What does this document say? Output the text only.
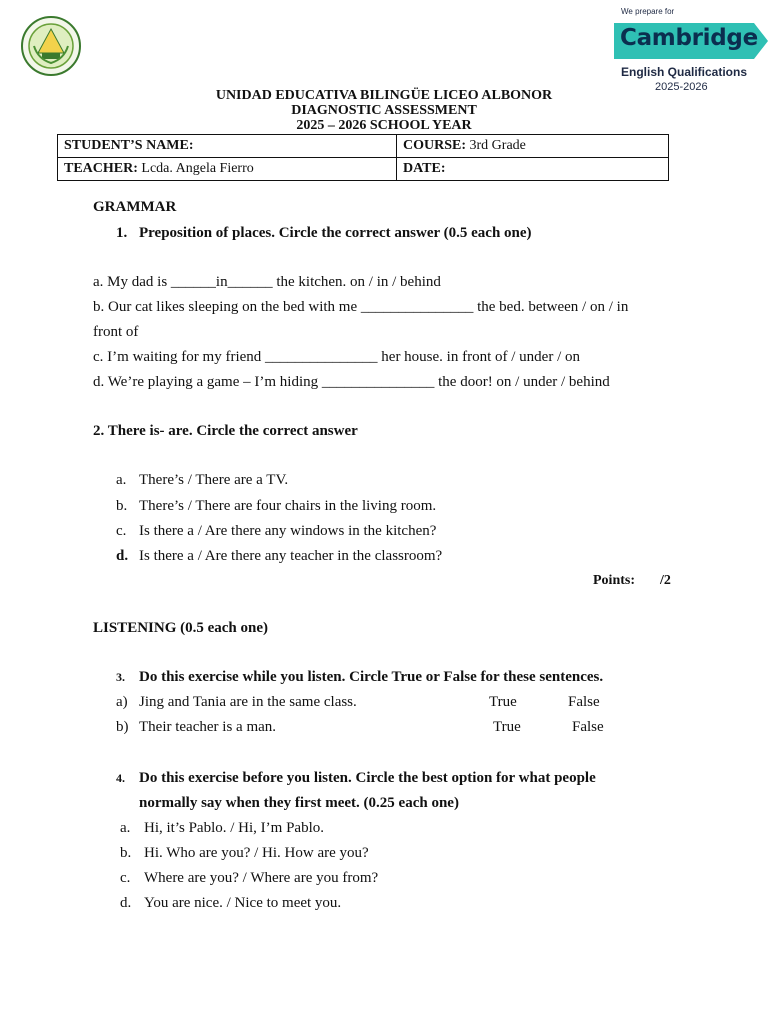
We prepare for
Cambridge
English Qualifications
2025-2026
UNIDAD EDUCATIVA BILINGÜE LICEO ALBONOR
DIAGNOSTIC ASSESSMENT
2025 – 2026 SCHOOL YEAR
STUDENT’S NAME:	COURSE: 3rd Grade
TEACHER: Lcda. Angela Fierro	DATE:
GRAMMAR
1. Preposition of places. Circle the correct answer (0.5 each one)
a. My dad is ______in______ the kitchen. on / in / behind
b. Our cat likes sleeping on the bed with me _______________ the bed. between / on / in
front of
c. I’m waiting for my friend _______________ her house. in front of / under / on
d. We’re playing a game – I’m hiding _______________ the door! on / under / behind
2. There is- are. Circle the correct answer
a. There’s / There are a TV.
b. There’s / There are four chairs in the living room.
c. Is there a / Are there any windows in the kitchen?
d. Is there a / Are there any teacher in the classroom?
Points: /2
LISTENING (0.5 each one)
3. Do this exercise while you listen. Circle True or False for these sentences.
a) Jing and Tania are in the same class.	True	False
b) Their teacher is a man.	True	False
4. Do this exercise before you listen. Circle the best option for what people
normally say when they first meet. (0.25 each one)
a. Hi, it’s Pablo. / Hi, I’m Pablo.
b. Hi. Who are you? / Hi. How are you?
c. Where are you? / Where are you from?
d. You are nice. / Nice to meet you.
